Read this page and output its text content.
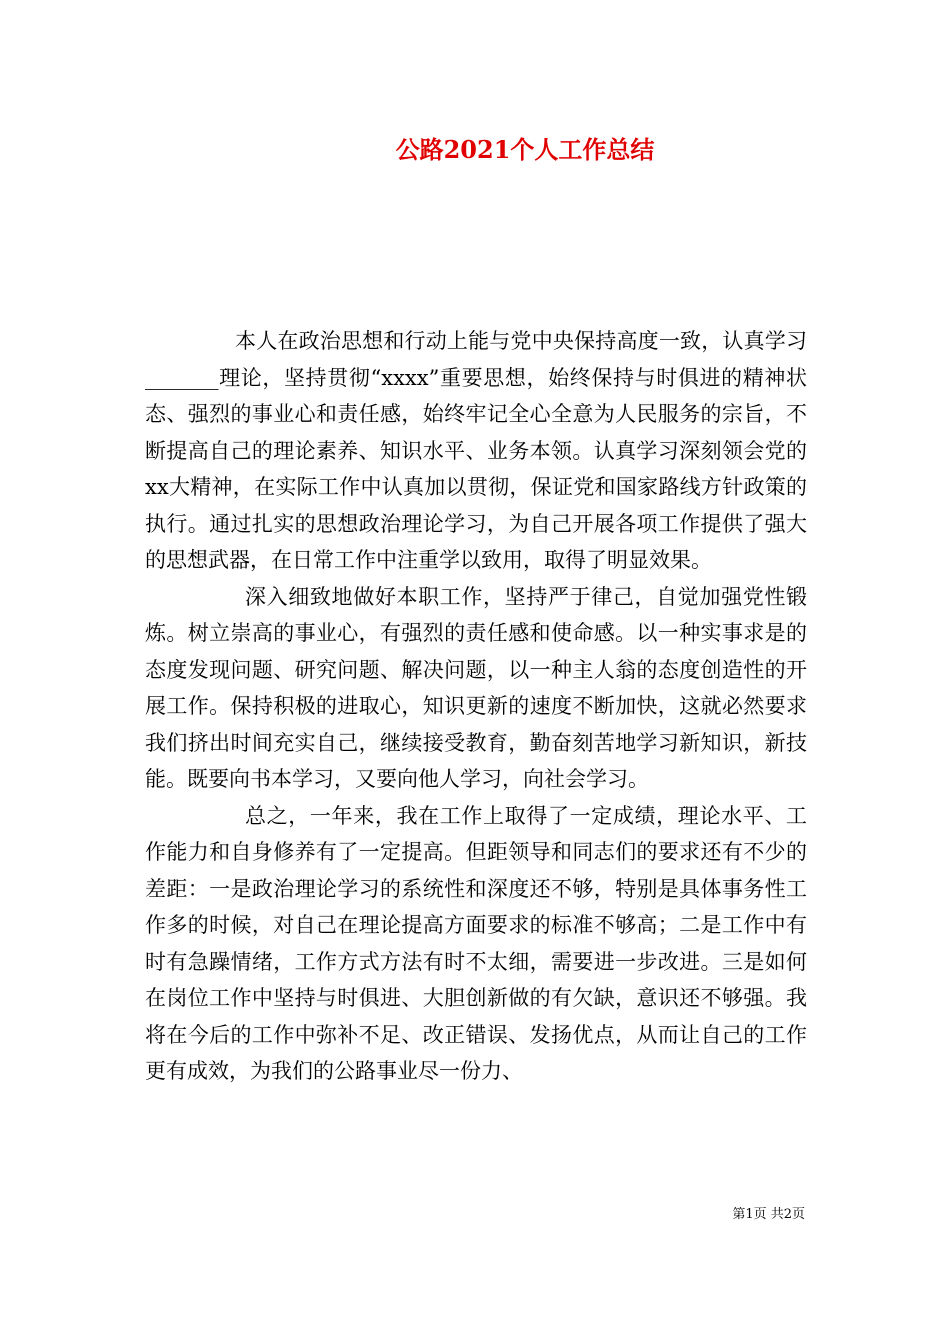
公路2021个人工作总结

本人在政治思想和行动上能与党中央保持高度一致，认真学习_______理论，坚持贯彻“xxxx”重要思想，始终保持与时俱进的精神状态、强烈的事业心和责任感，始终牢记全心全意为人民服务的宗旨，不断提高自己的理论素养、知识水平、业务本领。认真学习深刻领会党的xx大精神，在实际工作中认真加以贯彻，保证党和国家路线方针政策的执行。通过扎实的思想政治理论学习，为自己开展各项工作提供了强大的思想武器，在日常工作中注重学以致用，取得了明显效果。

深入细致地做好本职工作，坚持严于律己，自觉加强党性锻炼。树立崇高的事业心，有强烈的责任感和使命感。以一种实事求是的态度发现问题、研究问题、解决问题，以一种主人翁的态度创造性的开展工作。保持积极的进取心，知识更新的速度不断加快，这就必然要求我们挤出时间充实自己，继续接受教育，勤奋刻苦地学习新知识，新技能。既要向书本学习，又要向他人学习，向社会学习。

总之，一年来，我在工作上取得了一定成绩，理论水平、工作能力和自身修养有了一定提高。但距领导和同志们的要求还有不少的差距：一是政治理论学习的系统性和深度还不够，特别是具体事务性工作多的时候，对自己在理论提高方面要求的标准不够高；二是工作中有时有急躁情绪，工作方式方法有时不太细，需要进一步改进。三是如何在岗位工作中坚持与时俱进、大胆创新做的有欠缺，意识还不够强。我将在今后的工作中弥补不足、改正错误、发扬优点，从而让自己的工作更有成效，为我们的公路事业尽一份力、

第1页 共2页
